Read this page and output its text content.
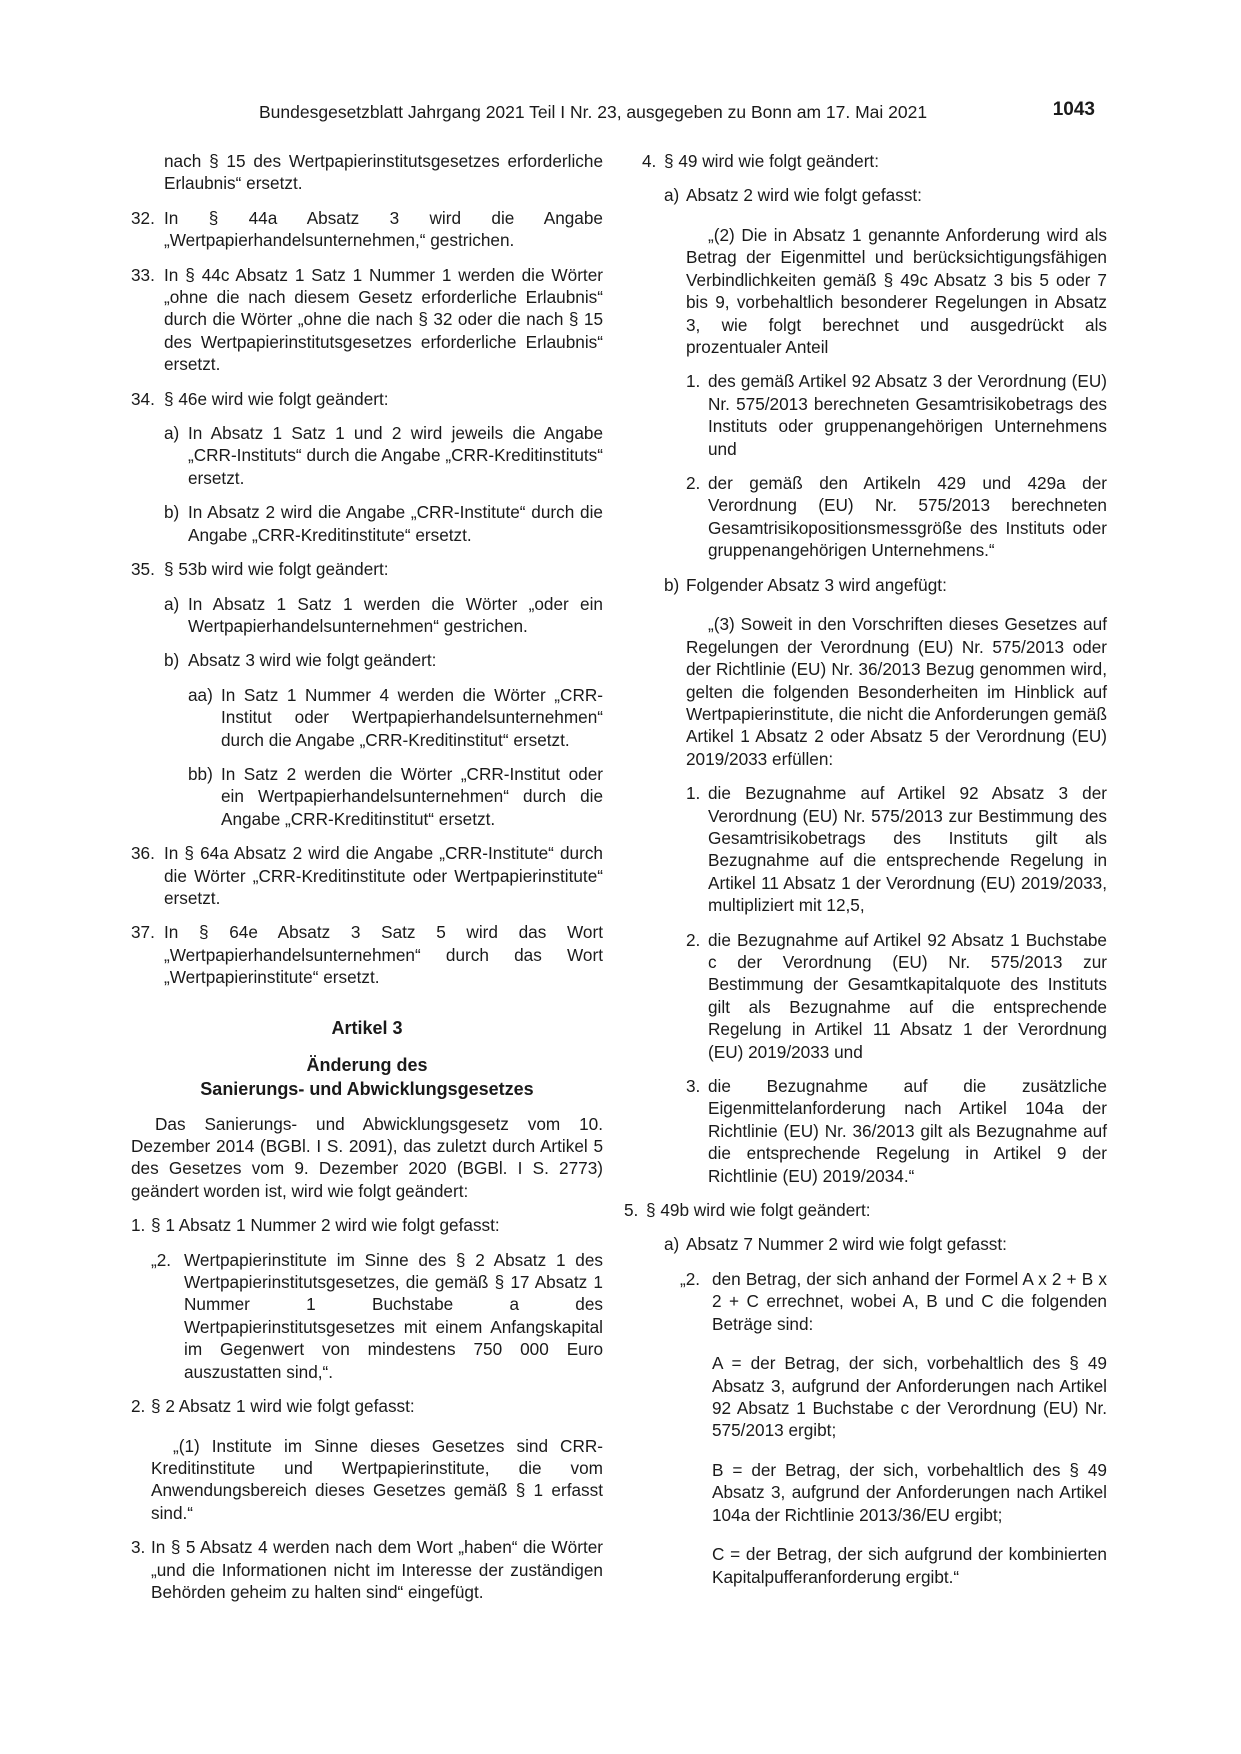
Bundesgesetzblatt Jahrgang 2021 Teil I Nr. 23, ausgegeben zu Bonn am 17. Mai 2021	1043

nach § 15 des Wertpapierinstitutsgesetzes erforderliche Erlaubnis“ ersetzt.

32. In § 44a Absatz 3 wird die Angabe „Wertpapierhandelsunternehmen,“ gestrichen.
33. In § 44c Absatz 1 Satz 1 Nummer 1 werden die Wörter „ohne die nach diesem Gesetz erforderliche Erlaubnis“ durch die Wörter „ohne die nach § 32 oder die nach § 15 des Wertpapierinstitutsgesetzes erforderliche Erlaubnis“ ersetzt.
34. § 46e wird wie folgt geändert:
a) In Absatz 1 Satz 1 und 2 wird jeweils die Angabe „CRR-Instituts“ durch die Angabe „CRR-Kreditinstituts“ ersetzt.
b) In Absatz 2 wird die Angabe „CRR-Institute“ durch die Angabe „CRR-Kreditinstitute“ ersetzt.
35. § 53b wird wie folgt geändert:
a) In Absatz 1 Satz 1 werden die Wörter „oder ein Wertpapierhandelsunternehmen“ gestrichen.
b) Absatz 3 wird wie folgt geändert:
aa) In Satz 1 Nummer 4 werden die Wörter „CRR-Institut oder Wertpapierhandelsunternehmen“ durch die Angabe „CRR-Kreditinstitut“ ersetzt.
bb) In Satz 2 werden die Wörter „CRR-Institut oder ein Wertpapierhandelsunternehmen“ durch die Angabe „CRR-Kreditinstitut“ ersetzt.
36. In § 64a Absatz 2 wird die Angabe „CRR-Institute“ durch die Wörter „CRR-Kreditinstitute oder Wertpapierinstitute“ ersetzt.
37. In § 64e Absatz 3 Satz 5 wird das Wort „Wertpapierhandelsunternehmen“ durch das Wort „Wertpapierinstitute“ ersetzt.
Artikel 3
Änderung des
Sanierungs- und Abwicklungsgesetzes

Das Sanierungs- und Abwicklungsgesetz vom 10. Dezember 2014 (BGBl. I S. 2091), das zuletzt durch Artikel 5 des Gesetzes vom 9. Dezember 2020 (BGBl. I S. 2773) geändert worden ist, wird wie folgt geändert:

1. § 1 Absatz 1 Nummer 2 wird wie folgt gefasst:
„2. Wertpapierinstitute im Sinne des § 2 Absatz 1 des Wertpapierinstitutsgesetzes, die gemäß § 17 Absatz 1 Nummer 1 Buchstabe a des Wertpapierinstitutsgesetzes mit einem Anfangskapital im Gegenwert von mindestens 750 000 Euro auszustatten sind,“.
2. § 2 Absatz 1 wird wie folgt gefasst:

„(1) Institute im Sinne dieses Gesetzes sind CRR-Kreditinstitute und Wertpapierinstitute, die vom Anwendungsbereich dieses Gesetzes gemäß § 1 erfasst sind.“

3. In § 5 Absatz 4 werden nach dem Wort „haben“ die Wörter „und die Informationen nicht im Interesse der zuständigen Behörden geheim zu halten sind“ eingefügt.
4. § 49 wird wie folgt geändert:
a) Absatz 2 wird wie folgt gefasst:

„(2) Die in Absatz 1 genannte Anforderung wird als Betrag der Eigenmittel und berücksichtigungsfähigen Verbindlichkeiten gemäß § 49c Absatz 3 bis 5 oder 7 bis 9, vorbehaltlich besonderer Regelungen in Absatz 3, wie folgt berechnet und ausgedrückt als prozentualer Anteil

1. des gemäß Artikel 92 Absatz 3 der Verordnung (EU) Nr. 575/2013 berechneten Gesamtrisikobetrags des Instituts oder gruppenangehörigen Unternehmens und
2. der gemäß den Artikeln 429 und 429a der Verordnung (EU) Nr. 575/2013 berechneten Gesamtrisikopositionsmessgröße des Instituts oder gruppenangehörigen Unternehmens.“
b) Folgender Absatz 3 wird angefügt:

„(3) Soweit in den Vorschriften dieses Gesetzes auf Regelungen der Verordnung (EU) Nr. 575/2013 oder der Richtlinie (EU) Nr. 36/2013 Bezug genommen wird, gelten die folgenden Besonderheiten im Hinblick auf Wertpapierinstitute, die nicht die Anforderungen gemäß Artikel 1 Absatz 2 oder Absatz 5 der Verordnung (EU) 2019/2033 erfüllen:

1. die Bezugnahme auf Artikel 92 Absatz 3 der Verordnung (EU) Nr. 575/2013 zur Bestimmung des Gesamtrisikobetrags des Instituts gilt als Bezugnahme auf die entsprechende Regelung in Artikel 11 Absatz 1 der Verordnung (EU) 2019/2033, multipliziert mit 12,5,
2. die Bezugnahme auf Artikel 92 Absatz 1 Buchstabe c der Verordnung (EU) Nr. 575/2013 zur Bestimmung der Gesamtkapitalquote des Instituts gilt als Bezugnahme auf die entsprechende Regelung in Artikel 11 Absatz 1 der Verordnung (EU) 2019/2033 und
3. die Bezugnahme auf die zusätzliche Eigenmittelanforderung nach Artikel 104a der Richtlinie (EU) Nr. 36/2013 gilt als Bezugnahme auf die entsprechende Regelung in Artikel 9 der Richtlinie (EU) 2019/2034.“
5. § 49b wird wie folgt geändert:
a) Absatz 7 Nummer 2 wird wie folgt gefasst:
„2. den Betrag, der sich anhand der Formel A x 2 + B x 2 + C errechnet, wobei A, B und C die folgenden Beträge sind:

A = der Betrag, der sich, vorbehaltlich des § 49 Absatz 3, aufgrund der Anforderungen nach Artikel 92 Absatz 1 Buchstabe c der Verordnung (EU) Nr. 575/2013 ergibt;

B = der Betrag, der sich, vorbehaltlich des § 49 Absatz 3, aufgrund der Anforderungen nach Artikel 104a der Richtlinie 2013/36/EU ergibt;

C = der Betrag, der sich aufgrund der kombinierten Kapitalpufferanforderung ergibt.“
